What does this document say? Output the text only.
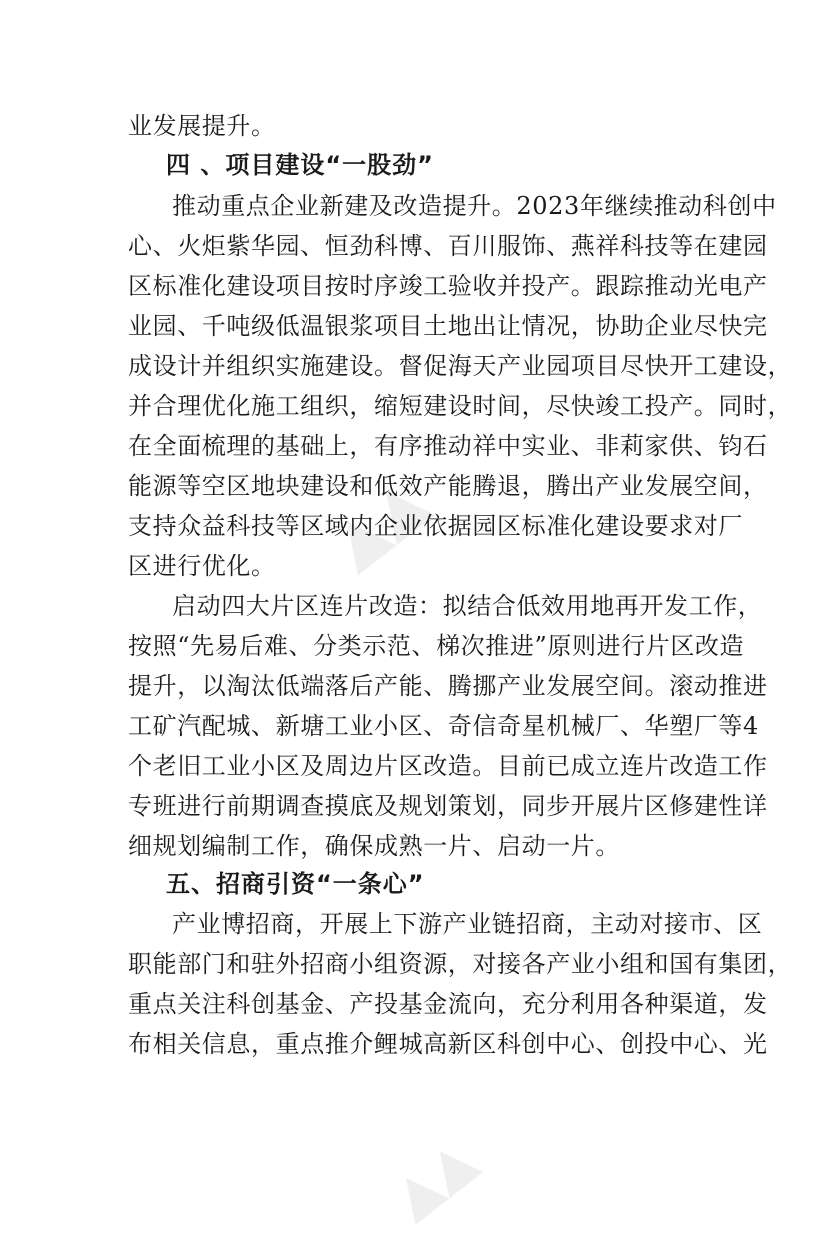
▲▲
▲▲
业发展提升。
四 、项目建设“一股劲”
推动重点企业新建及改造提升。2023年继续推动科创中
心、火炬紫华园、恒劲科博、百川服饰、燕祥科技等在建园
区标准化建设项目按时序竣工验收并投产。跟踪推动光电产
业园、千吨级低温银浆项目土地出让情况，协助企业尽快完
成设计并组织实施建设。督促海天产业园项目尽快开工建设，
并合理优化施工组织，缩短建设时间，尽快竣工投产。同时，
在全面梳理的基础上，有序推动祥中实业、非莉家供、钧石
能源等空区地块建设和低效产能腾退，腾出产业发展空间，
支持众益科技等区域内企业依据园区标准化建设要求对厂
区进行优化。
启动四大片区连片改造：拟结合低效用地再开发工作，
按照“先易后难、分类示范、梯次推进”原则进行片区改造
提升，以淘汰低端落后产能、腾挪产业发展空间。滚动推进
工矿汽配城、新塘工业小区、奇信奇星机械厂、华塑厂等4
个老旧工业小区及周边片区改造。目前已成立连片改造工作
专班进行前期调查摸底及规划策划，同步开展片区修建性详
细规划编制工作，确保成熟一片、启动一片。
五、招商引资“一条心”
产业博招商，开展上下游产业链招商，主动对接市、区
职能部门和驻外招商小组资源，对接各产业小组和国有集团，
重点关注科创基金、产投基金流向，充分利用各种渠道，发
布相关信息，重点推介鲤城高新区科创中心、创投中心、光
